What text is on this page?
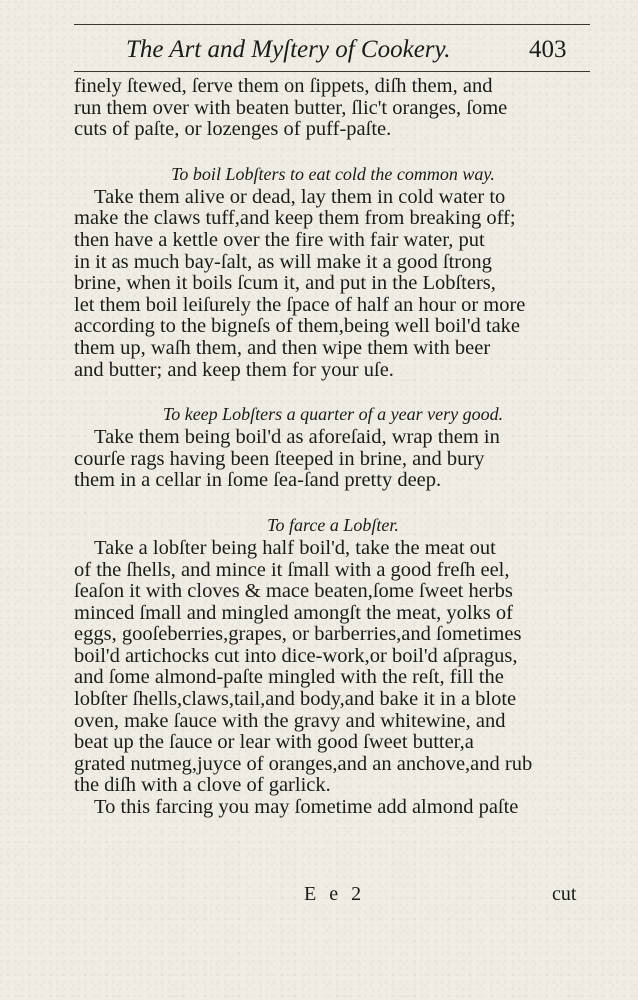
The Art and Myſtery of Cookery.	403
finely ſtewed, ſerve them on ſippets, diſh them, and
run them over with beaten butter, ſlic't oranges, ſome
cuts of paſte, or lozenges of puff-paſte.
To boil Lobſters to eat cold the common way.
Take them alive or dead, lay them in cold water to
make the claws tuff,and keep them from breaking off;
then have a kettle over the fire with fair water, put
in it as much bay-ſalt, as will make it a good ſtrong
brine, when it boils ſcum it, and put in the Lobſters,
let them boil leiſurely the ſpace of half an hour or more
according to the bigneſs of them,being well boil'd take
them up, waſh them, and then wipe them with beer
and butter; and keep them for your uſe.
To keep Lobſters a quarter of a year very good.
Take them being boil'd as aforeſaid, wrap them in
courſe rags having been ſteeped in brine, and bury
them in a cellar in ſome ſea-ſand pretty deep.
To farce a Lobſter.
Take a lobſter being half boil'd, take the meat out
of the ſhells, and mince it ſmall with a good freſh eel,
ſeaſon it with cloves & mace beaten,ſome ſweet herbs
minced ſmall and mingled amongſt the meat, yolks of
eggs, gooſeberries,grapes, or barberries,and ſometimes
boil'd artichocks cut into dice-work,or boil'd aſpragus,
and ſome almond-paſte mingled with the reſt, fill the
lobſter ſhells,claws,tail,and body,and bake it in a blote
oven, make ſauce with the gravy and whitewine, and
beat up the ſauce or lear with good ſweet butter,a
grated nutmeg,juyce of oranges,and an anchove,and rub
the diſh with a clove of garlick.
To this farcing you may ſometime add almond paſte
E e 2	cut
